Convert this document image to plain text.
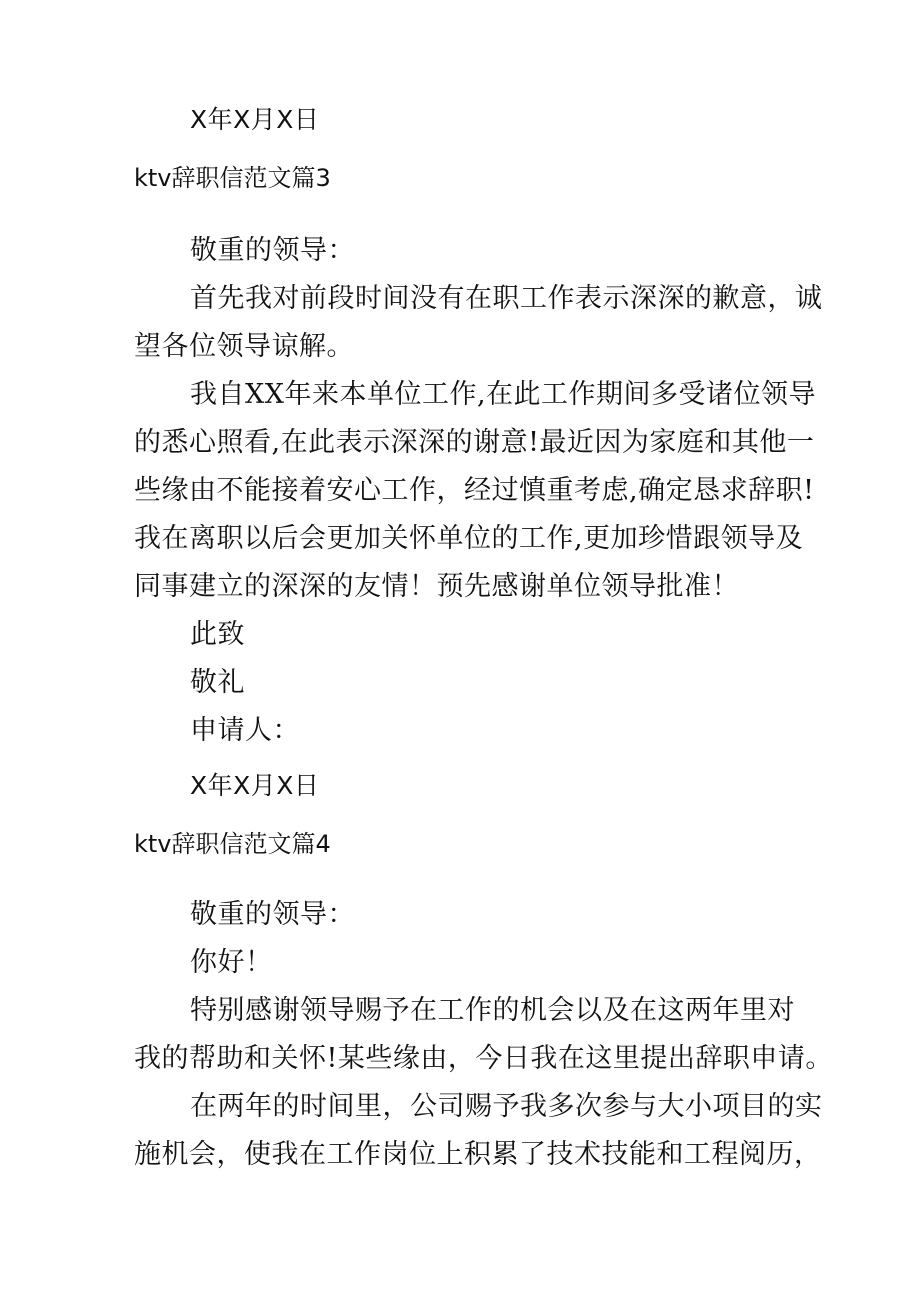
X年X月X日
ktv辞职信范文篇3
敬重的领导：
首先我对前段时间没有在职工作表示深深的歉意，诚
望各位领导谅解。
我自XX年来本单位工作,在此工作期间多受诸位领导
的悉心照看,在此表示深深的谢意!最近因为家庭和其他一
些缘由不能接着安心工作，经过慎重考虑,确定恳求辞职!
我在离职以后会更加关怀单位的工作,更加珍惜跟领导及
同事建立的深深的友情！预先感谢单位领导批准！
此致
敬礼
申请人：
X年X月X日
ktv辞职信范文篇4
敬重的领导：
你好！
特别感谢领导赐予在工作的机会以及在这两年里对
我的帮助和关怀!某些缘由，今日我在这里提出辞职申请。
在两年的时间里，公司赐予我多次参与大小项目的实
施机会，使我在工作岗位上积累了技术技能和工程阅历，
